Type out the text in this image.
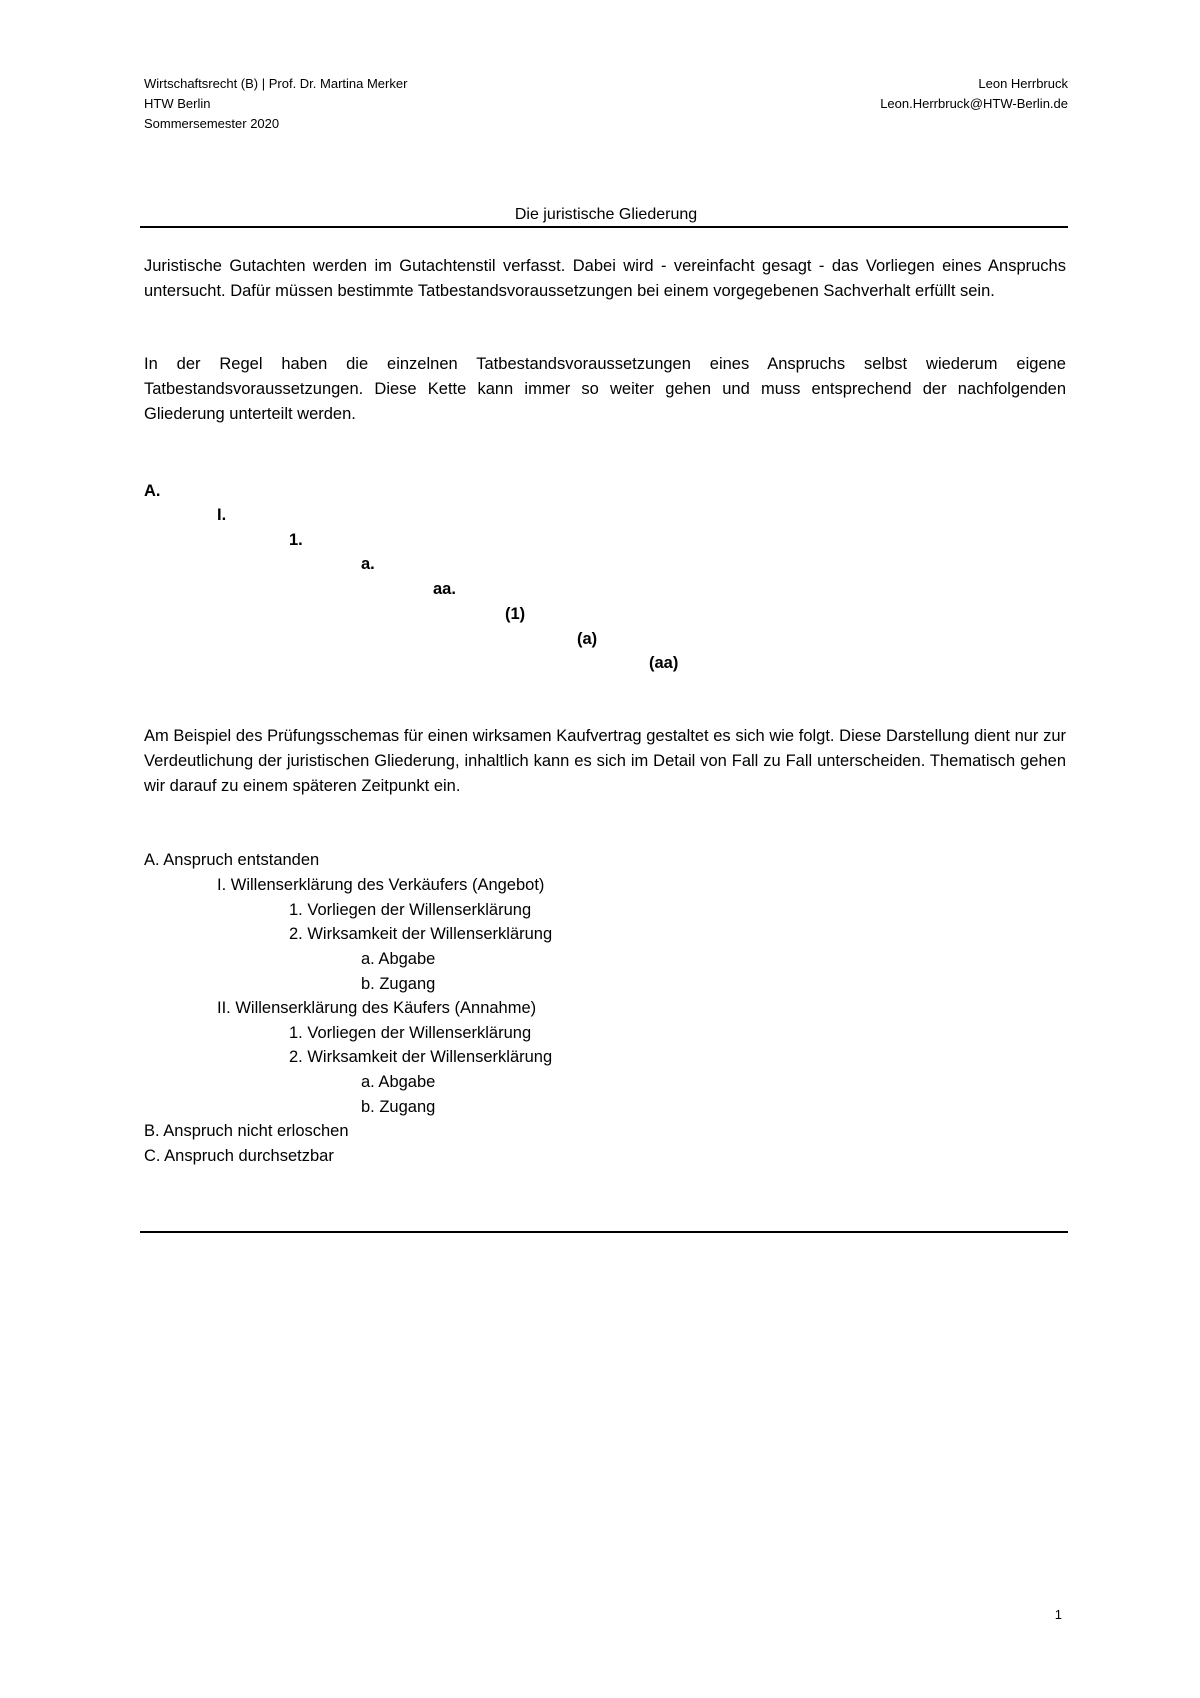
Wirtschaftsrecht (B) | Prof. Dr. Martina Merker
HTW Berlin
Sommersemester 2020
Leon Herrbruck
Leon.Herrbruck@HTW-Berlin.de
Die juristische Gliederung

Juristische Gutachten werden im Gutachtenstil verfasst. Dabei wird - vereinfacht gesagt - das Vorliegen eines Anspruchs untersucht. Dafür müssen bestimmte Tatbestandsvoraussetzungen bei einem vorgegebenen Sachverhalt erfüllt sein.

In der Regel haben die einzelnen Tatbestandsvoraussetzungen eines Anspruchs selbst wiederum eigene Tatbestandsvoraussetzungen. Diese Kette kann immer so weiter gehen und muss entsprechend der nachfolgenden Gliederung unterteilt werden.

A.
I.
1.
a.
aa.
(1)
(a)
(aa)

Am Beispiel des Prüfungsschemas für einen wirksamen Kaufvertrag gestaltet es sich wie folgt. Diese Darstellung dient nur zur Verdeutlichung der juristischen Gliederung, inhaltlich kann es sich im Detail von Fall zu Fall unterscheiden. Thematisch gehen wir darauf zu einem späteren Zeitpunkt ein.

A. Anspruch entstanden
I. Willenserklärung des Verkäufers (Angebot)
1. Vorliegen der Willenserklärung
2. Wirksamkeit der Willenserklärung
a. Abgabe
b. Zugang
II. Willenserklärung des Käufers (Annahme)
1. Vorliegen der Willenserklärung
2. Wirksamkeit der Willenserklärung
a. Abgabe
b. Zugang
B. Anspruch nicht erloschen
C. Anspruch durchsetzbar
1
